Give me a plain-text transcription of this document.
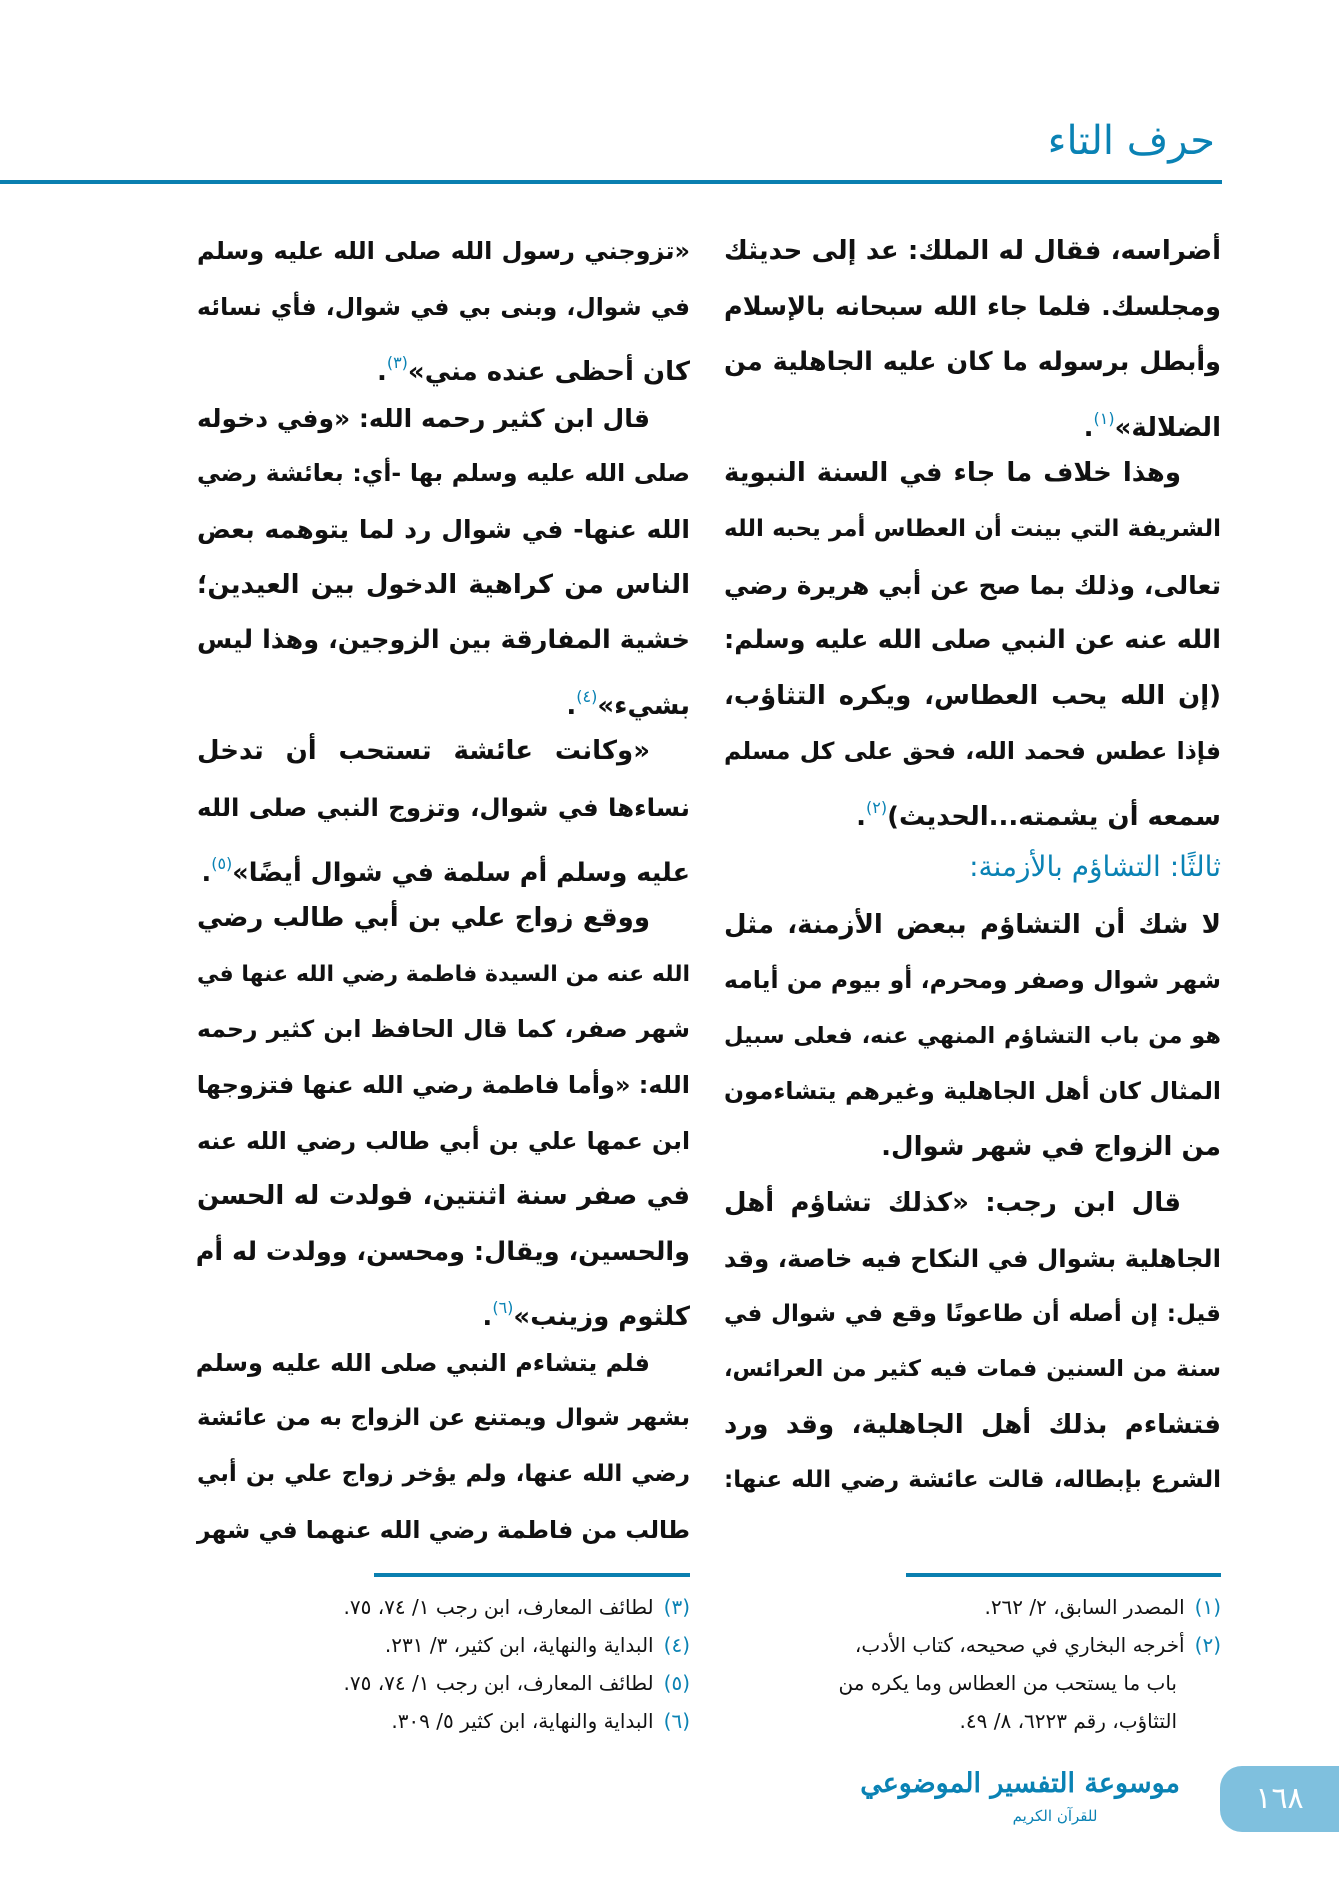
حرف التاء
أضراسه، فقال له الملك: عد إلى حديثك
ومجلسك. فلما جاء الله سبحانه بالإسلام
وأبطل برسوله ما كان عليه الجاهلية من
الضلالة»$^{(١)}$.
وهذا خلاف ما جاء في السنة النبوية
الشريفة التي بينت أن العطاس أمر يحبه الله
تعالى، وذلك بما صح عن أبي هريرة رضي
الله عنه عن النبي صلى الله عليه وسلم:
(إن الله يحب العطاس، ويكره التثاؤب،
فإذا عطس فحمد الله، فحق على كل مسلم
سمعه أن يشمته...الحديث)$^{(٢)}$.
ثالثًا: التشاؤم بالأزمنة:
لا شك أن التشاؤم ببعض الأزمنة، مثل
شهر شوال وصفر ومحرم، أو بيوم من أيامه
هو من باب التشاؤم المنهي عنه، فعلى سبيل
المثال كان أهل الجاهلية وغيرهم يتشاءمون
من الزواج في شهر شوال.
قال ابن رجب: «كذلك تشاؤم أهل
الجاهلية بشوال في النكاح فيه خاصة، وقد
قيل: إن أصله أن طاعونًا وقع في شوال في
سنة من السنين فمات فيه كثير من العرائس،
فتشاءم بذلك أهل الجاهلية، وقد ورد
الشرع بإبطاله، قالت عائشة رضي الله عنها:
«تزوجني رسول الله صلى الله عليه وسلم
في شوال، وبنى بي في شوال، فأي نسائه
كان أحظى عنده مني»$^{(٣)}$.
قال ابن كثير رحمه الله: «وفي دخوله
صلى الله عليه وسلم بها -أي: بعائشة رضي
الله عنها- في شوال رد لما يتوهمه بعض
الناس من كراهية الدخول بين العيدين؛
خشية المفارقة بين الزوجين، وهذا ليس
بشيء»$^{(٤)}$.
«وكانت عائشة تستحب أن تدخل
نساءها في شوال، وتزوج النبي صلى الله
عليه وسلم أم سلمة في شوال أيضًا»$^{(٥)}$.
ووقع زواج علي بن أبي طالب رضي
الله عنه من السيدة فاطمة رضي الله عنها في
شهر صفر، كما قال الحافظ ابن كثير رحمه
الله: «وأما فاطمة رضي الله عنها فتزوجها
ابن عمها علي بن أبي طالب رضي الله عنه
في صفر سنة اثنتين، فولدت له الحسن
والحسين، ويقال: ومحسن، وولدت له أم
كلثوم وزينب»$^{(٦)}$.
فلم يتشاءم النبي صلى الله عليه وسلم
بشهر شوال ويمتنع عن الزواج به من عائشة
رضي الله عنها، ولم يؤخر زواج علي بن أبي
طالب من فاطمة رضي الله عنهما في شهر
(١)المصدر السابق، ٢/ ٢٦٢.
(٢)أخرجه البخاري في صحيحه، كتاب الأدب،
باب ما يستحب من العطاس وما يكره من
التثاؤب، رقم ٦٢٢٣، ٨/ ٤٩.
(٣)لطائف المعارف، ابن رجب ١/ ٧٤، ٧٥.
(٤)البداية والنهاية، ابن كثير، ٣/ ٢٣١.
(٥)لطائف المعارف، ابن رجب ١/ ٧٤، ٧٥.
(٦)البداية والنهاية، ابن كثير ٥/ ٣٠٩.
موسوعة التفسير الموضوعي
للقرآن الكريم	١٦٨
